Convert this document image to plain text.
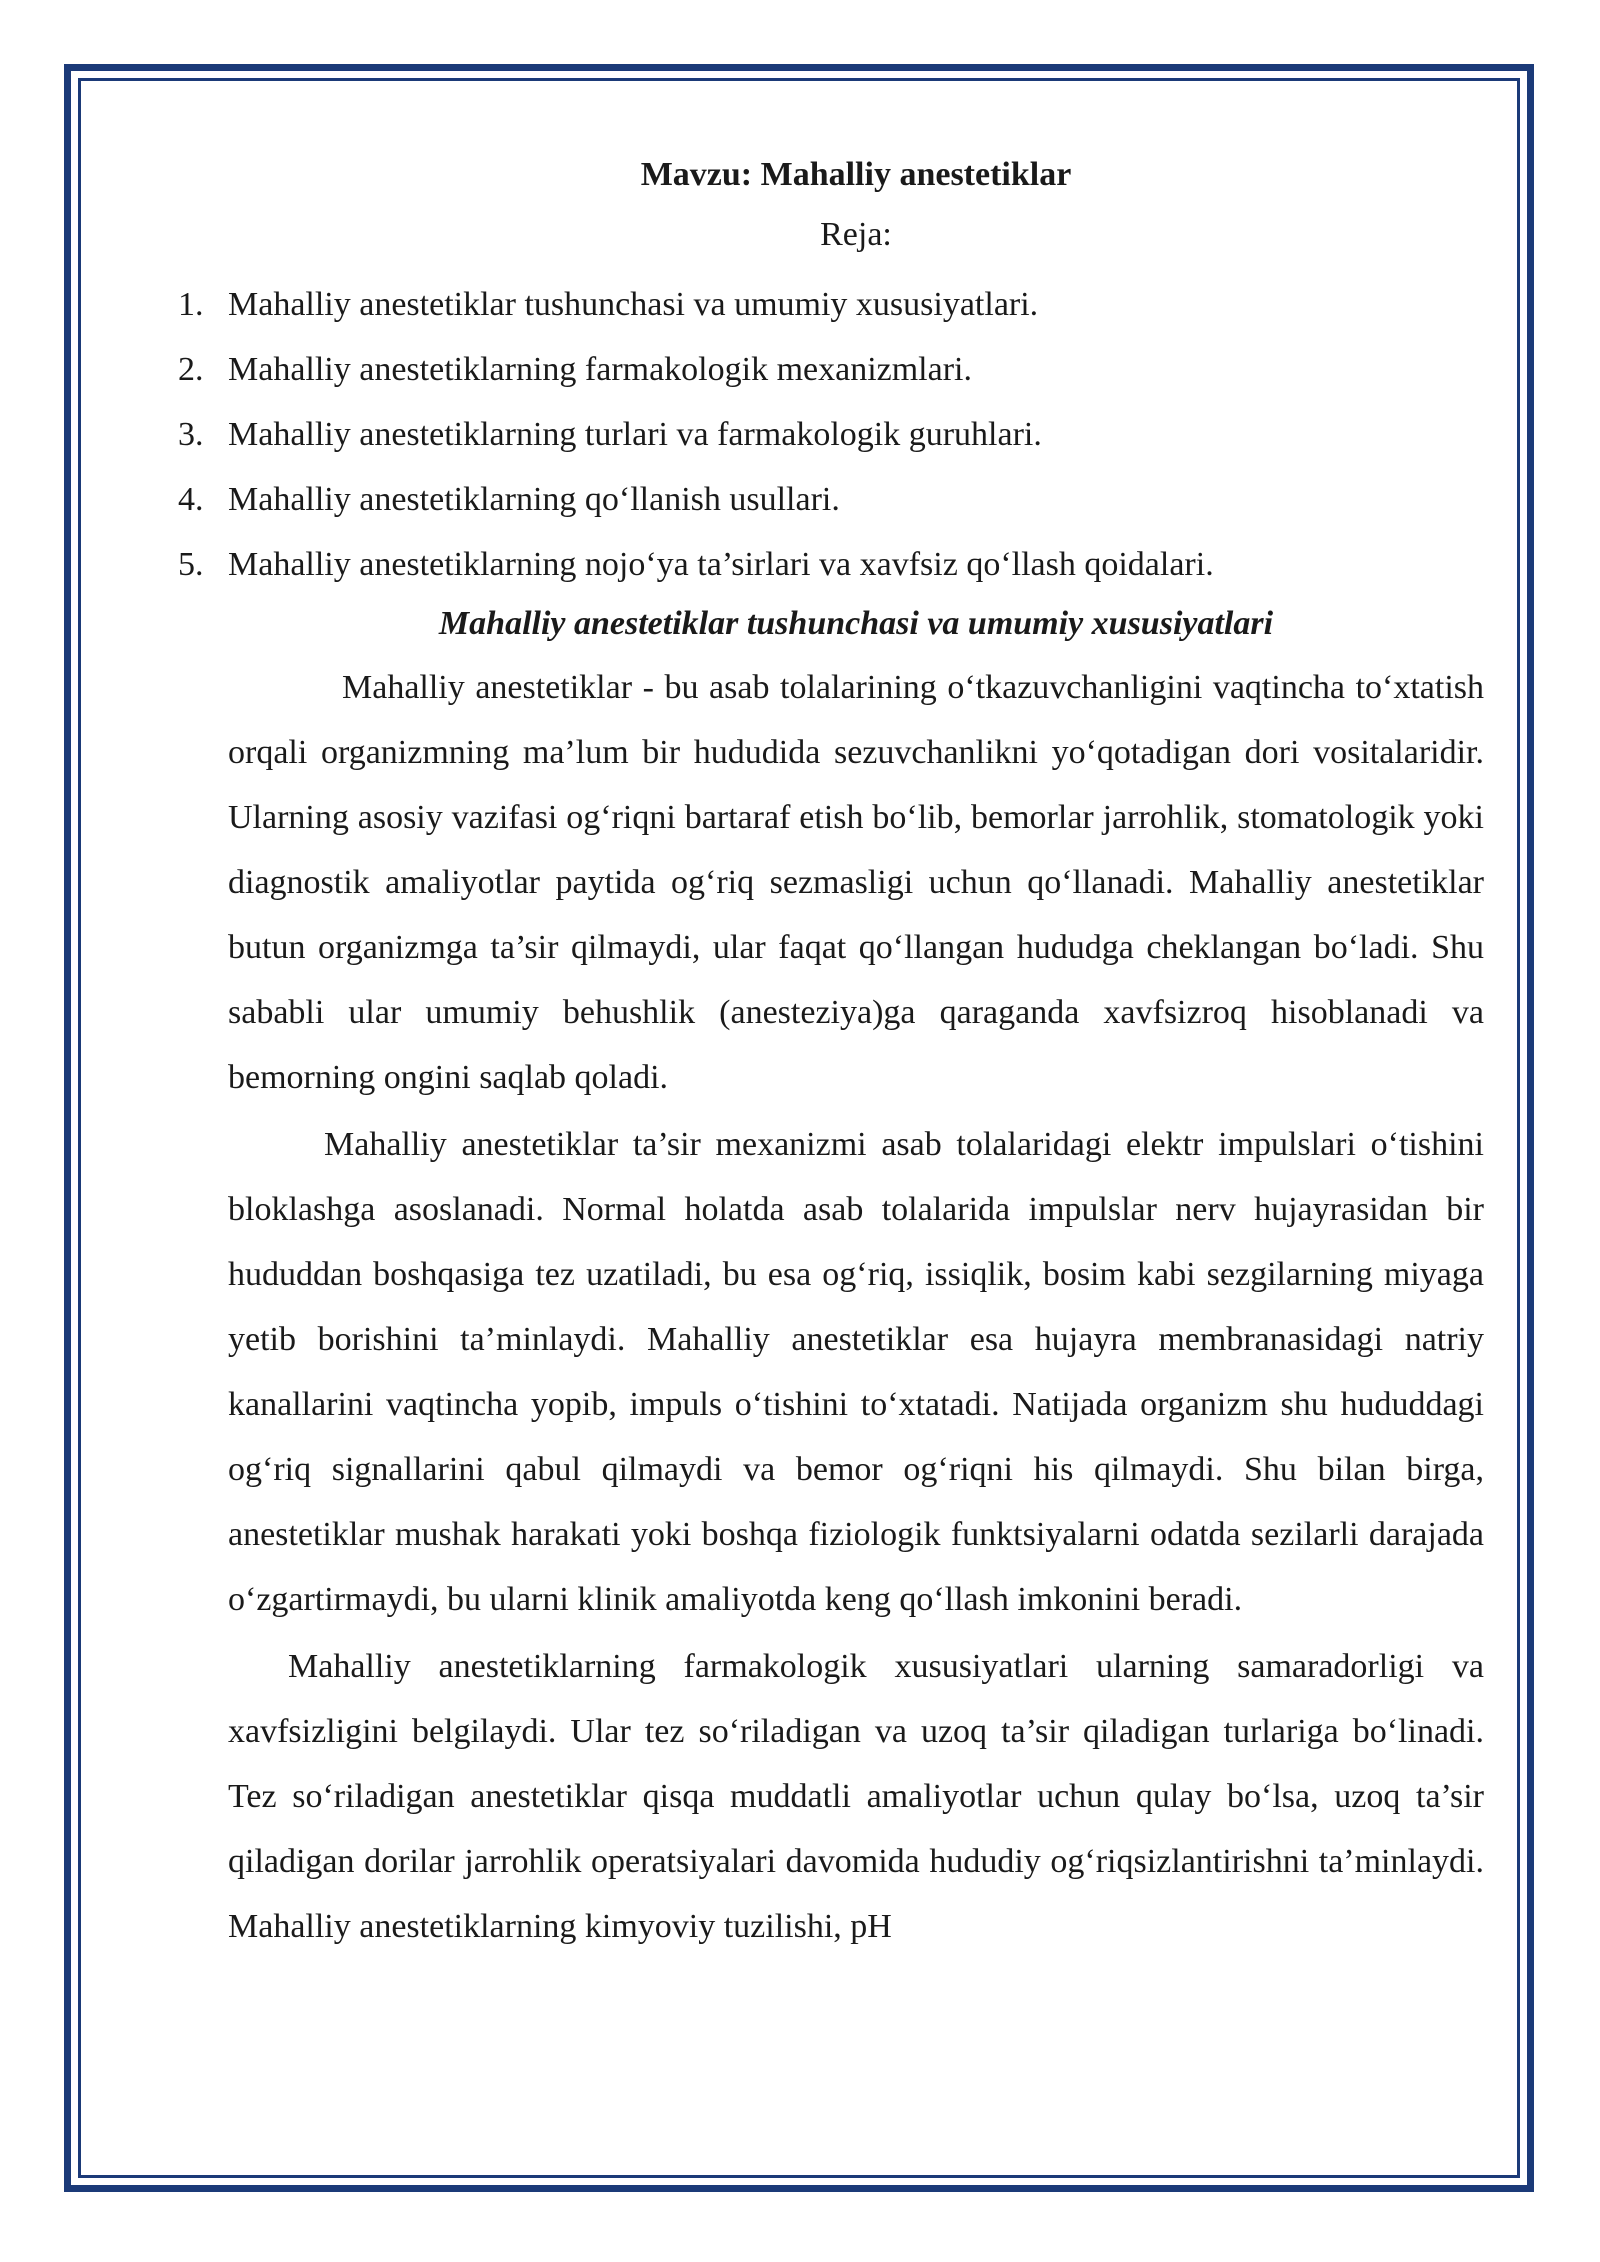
Mavzu: Mahalliy anestetiklar
Reja:
1. Mahalliy anestetiklar tushunchasi va umumiy xususiyatlari.
2. Mahalliy anestetiklarning farmakologik mexanizmlari.
3. Mahalliy anestetiklarning turlari va farmakologik guruhlari.
4. Mahalliy anestetiklarning qo‘llanish usullari.
5. Mahalliy anestetiklarning nojo‘ya ta’sirlari va xavfsiz qo‘llash qoidalari.
Mahalliy anestetiklar tushunchasi va umumiy xususiyatlari

Mahalliy anestetiklar - bu asab tolalarining o‘tkazuvchanligini vaqtincha to‘xtatish orqali organizmning ma’lum bir hududida sezuvchanlikni yo‘qotadigan dori vositalaridir. Ularning asosiy vazifasi og‘riqni bartaraf etish bo‘lib, bemorlar jarrohlik, stomatologik yoki diagnostik amaliyotlar paytida og‘riq sezmasligi uchun qo‘llanadi. Mahalliy anestetiklar butun organizmga ta’sir qilmaydi, ular faqat qo‘llangan hududga cheklangan bo‘ladi. Shu sababli ular umumiy behushlik (anesteziya)ga qaraganda xavfsizroq hisoblanadi va bemorning ongini saqlab qoladi.

Mahalliy anestetiklar ta’sir mexanizmi asab tolalaridagi elektr impulslari o‘tishini bloklashga asoslanadi. Normal holatda asab tolalarida impulslar nerv hujayrasidan bir hududdan boshqasiga tez uzatiladi, bu esa og‘riq, issiqlik, bosim kabi sezgilarning miyaga yetib borishini ta’minlaydi. Mahalliy anestetiklar esa hujayra membranasidagi natriy kanallarini vaqtincha yopib, impuls o‘tishini to‘xtatadi. Natijada organizm shu hududdagi og‘riq signallarini qabul qilmaydi va bemor og‘riqni his qilmaydi. Shu bilan birga, anestetiklar mushak harakati yoki boshqa fiziologik funktsiyalarni odatda sezilarli darajada o‘zgartirmaydi, bu ularni klinik amaliyotda keng qo‘llash imkonini beradi.

Mahalliy anestetiklarning farmakologik xususiyatlari ularning samaradorligi va xavfsizligini belgilaydi. Ular tez so‘riladigan va uzoq ta’sir qiladigan turlariga bo‘linadi. Tez so‘riladigan anestetiklar qisqa muddatli amaliyotlar uchun qulay bo‘lsa, uzoq ta’sir qiladigan dorilar jarrohlik operatsiyalari davomida hududiy og‘riqsizlantirishni ta’minlaydi. Mahalliy anestetiklarning kimyoviy tuzilishi, pH
